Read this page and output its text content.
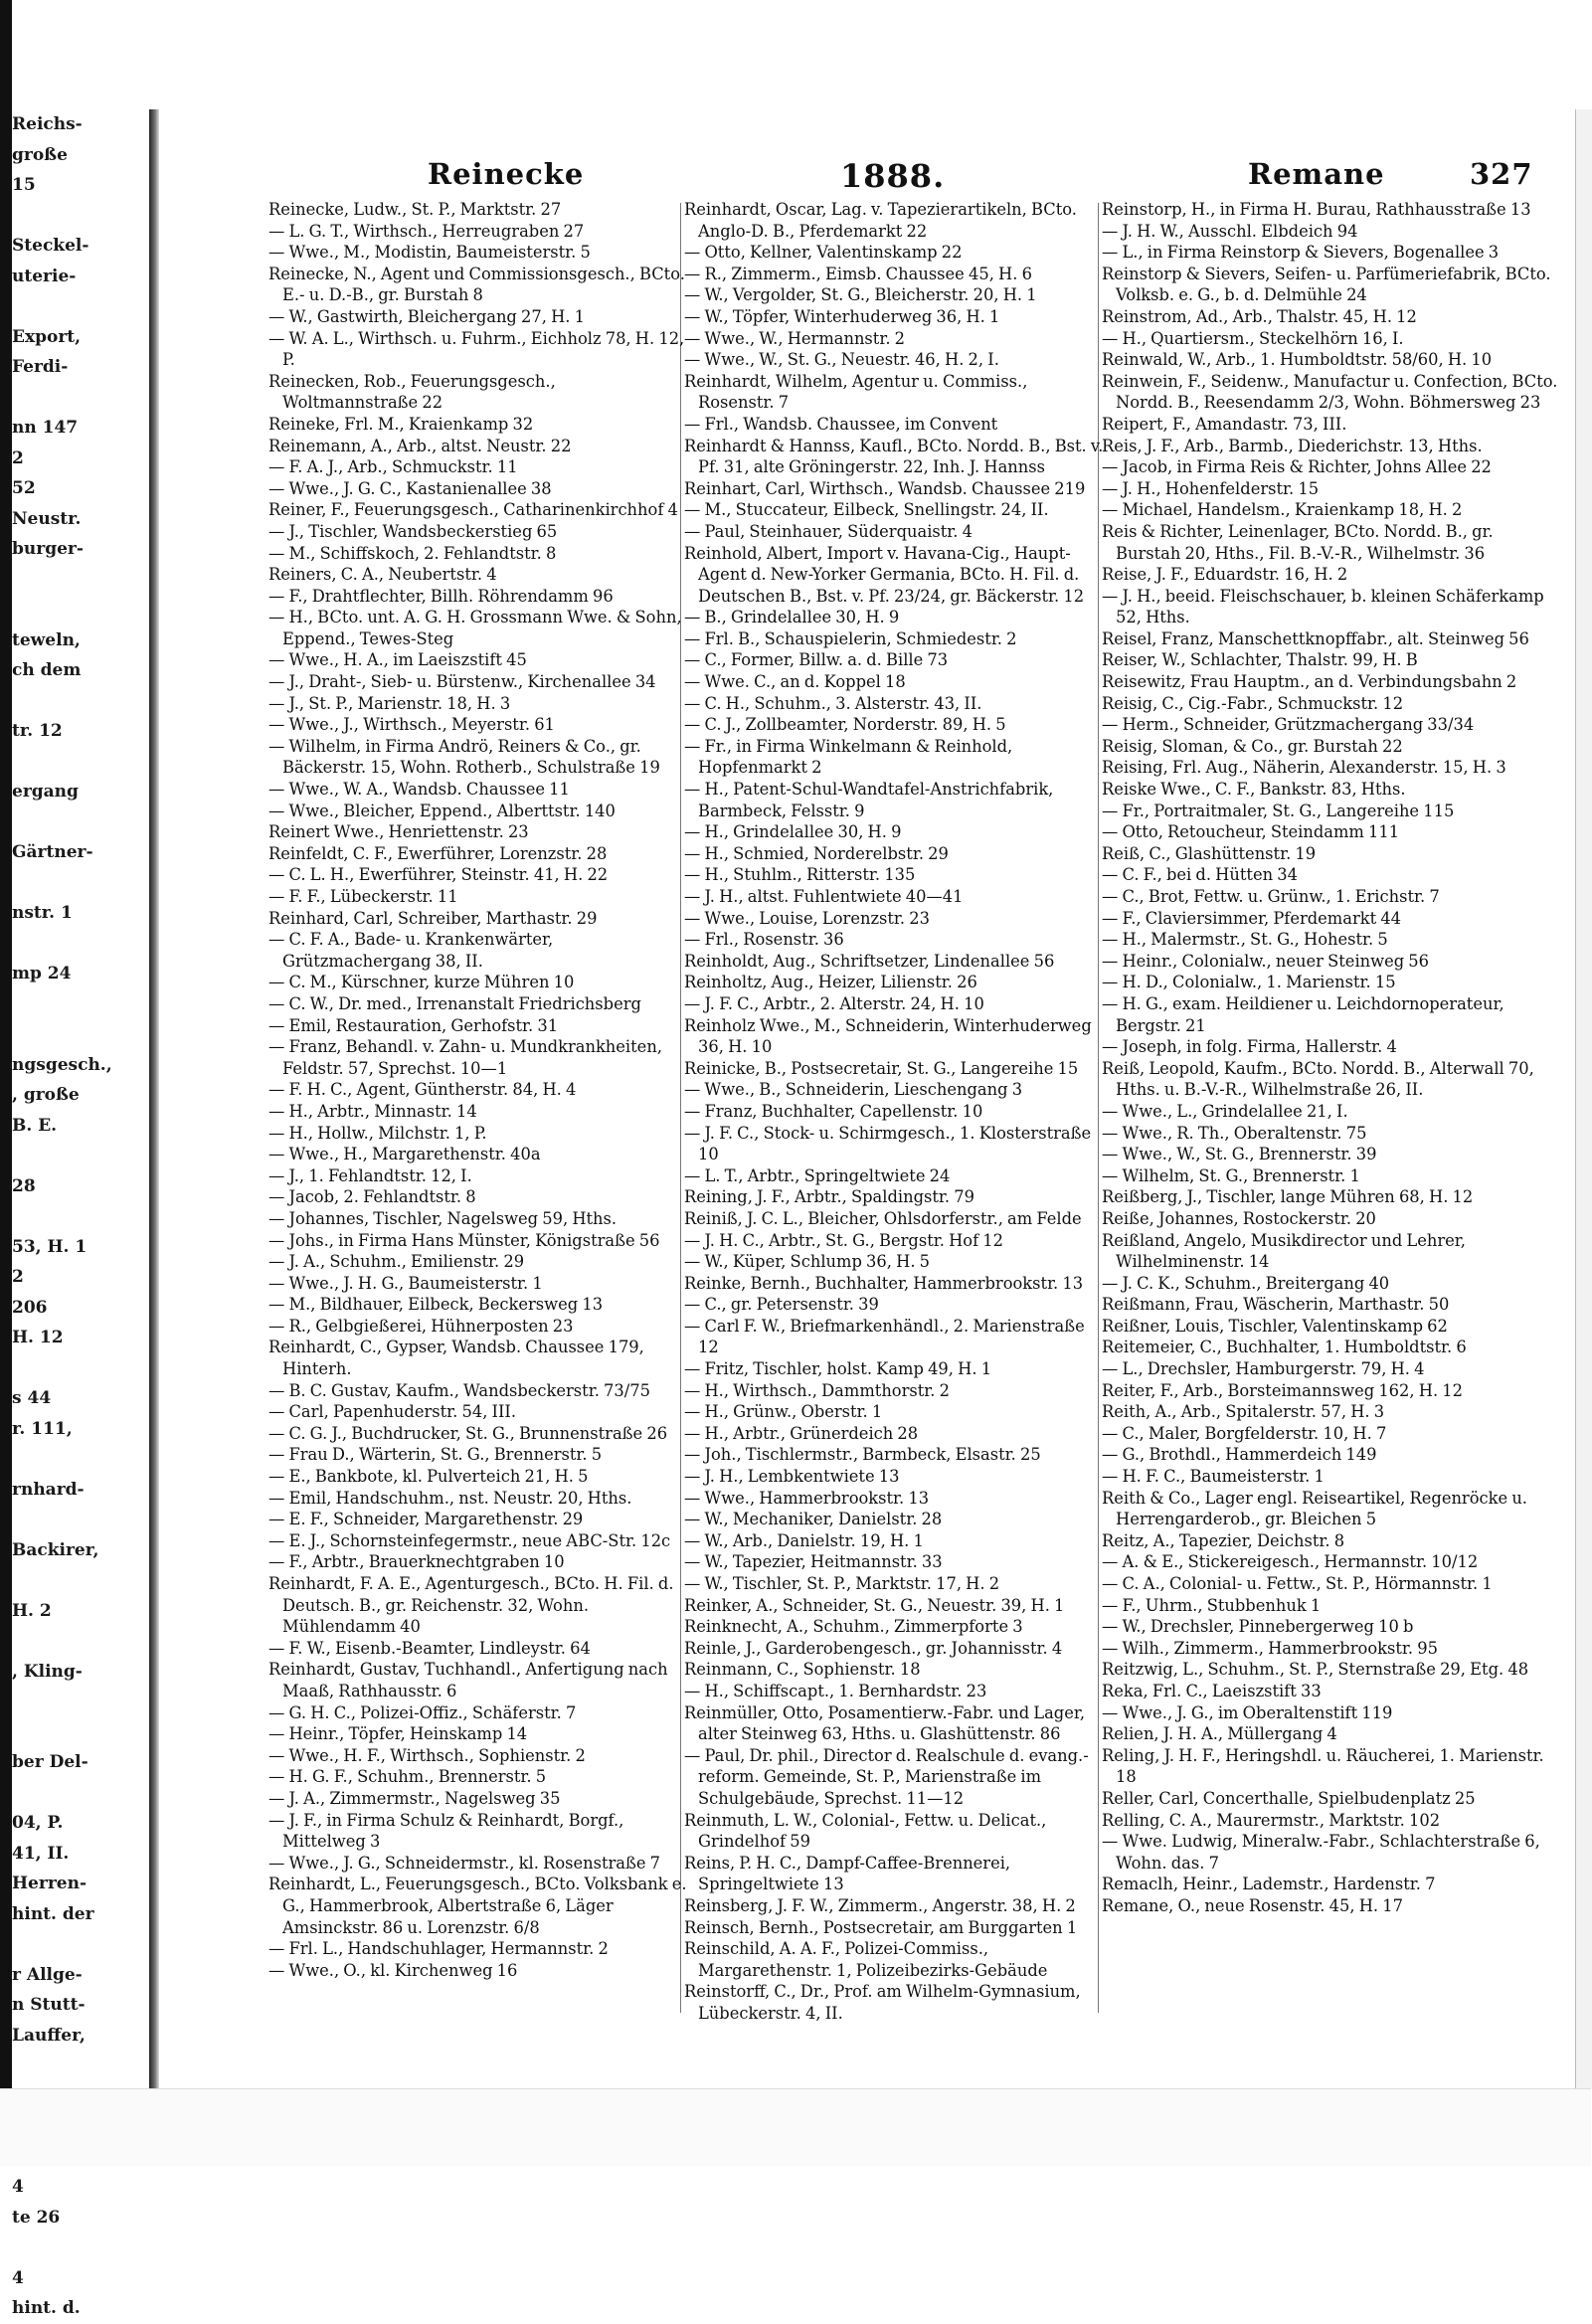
Reichs-
große
15

Steckel-
uterie-

Export,
Ferdi-

nn 147
2
52
Neustr.
burger-

teweln,
ch dem

tr. 12

ergang

Gärtner-

nstr. 1

mp 24

ngsgesch.,
, große
B. E.

28

53, H. 1
2
206
H. 12

s 44
r. 111,

rnhard-

Backirer,

H. 2

, Kling-

ber Del-

04, P.
41, II.
Herren-
hint. der

r Allge-
n Stutt-
Lauffer,

4
te 26

4
hint. d.
Reinecke	1888.	Remane	327
Reinecke, Ludw., St. P., Marktstr. 27
— L. G. T., Wirthsch., Herreugraben 27
— Wwe., M., Modistin, Baumeisterstr. 5
Reinecke, N., Agent und Commissionsgesch., BCto. E.- u. D.-B., gr. Burstah 8
— W., Gastwirth, Bleichergang 27, H. 1
— W. A. L., Wirthsch. u. Fuhrm., Eichholz 78, H. 12, P.
Reinecken, Rob., Feuerungsgesch., Woltmannstraße 22
Reineke, Frl. M., Kraienkamp 32
Reinemann, A., Arb., altst. Neustr. 22
— F. A. J., Arb., Schmuckstr. 11
— Wwe., J. G. C., Kastanienallee 38
Reiner, F., Feuerungsgesch., Catharinenkirchhof 4
— J., Tischler, Wandsbeckerstieg 65
— M., Schiffskoch, 2. Fehlandtstr. 8
Reiners, C. A., Neubertstr. 4
— F., Drahtflechter, Billh. Röhrendamm 96
— H., BCto. unt. A. G. H. Grossmann Wwe. & Sohn, Eppend., Tewes-Steg
— Wwe., H. A., im Laeiszstift 45
— J., Draht-, Sieb- u. Bürstenw., Kirchenallee 34
— J., St. P., Marienstr. 18, H. 3
— Wwe., J., Wirthsch., Meyerstr. 61
— Wilhelm, in Firma Andrö, Reiners & Co., gr. Bäckerstr. 15, Wohn. Rotherb., Schulstraße 19
— Wwe., W. A., Wandsb. Chaussee 11
— Wwe., Bleicher, Eppend., Alberttstr. 140
Reinert Wwe., Henriettenstr. 23
Reinfeldt, C. F., Ewerführer, Lorenzstr. 28
— C. L. H., Ewerführer, Steinstr. 41, H. 22
— F. F., Lübeckerstr. 11
Reinhard, Carl, Schreiber, Marthastr. 29
— C. F. A., Bade- u. Krankenwärter, Grützmachergang 38, II.
— C. M., Kürschner, kurze Mühren 10
— C. W., Dr. med., Irrenanstalt Friedrichsberg
— Emil, Restauration, Gerhofstr. 31
— Franz, Behandl. v. Zahn- u. Mundkrankheiten, Feldstr. 57, Sprechst. 10—1
— F. H. C., Agent, Güntherstr. 84, H. 4
— H., Arbtr., Minnastr. 14
— H., Hollw., Milchstr. 1, P.
— Wwe., H., Margarethenstr. 40a
— J., 1. Fehlandtstr. 12, I.
— Jacob, 2. Fehlandtstr. 8
— Johannes, Tischler, Nagelsweg 59, Hths.
— Johs., in Firma Hans Münster, Königstraße 56
— J. A., Schuhm., Emilienstr. 29
— Wwe., J. H. G., Baumeisterstr. 1
— M., Bildhauer, Eilbeck, Beckersweg 13
— R., Gelbgießerei, Hühnerposten 23
Reinhardt, C., Gypser, Wandsb. Chaussee 179, Hinterh.
— B. C. Gustav, Kaufm., Wandsbeckerstr. 73/75
— Carl, Papenhuderstr. 54, III.
— C. G. J., Buchdrucker, St. G., Brunnenstraße 26
— Frau D., Wärterin, St. G., Brennerstr. 5
— E., Bankbote, kl. Pulverteich 21, H. 5
— Emil, Handschuhm., nst. Neustr. 20, Hths.
— E. F., Schneider, Margarethenstr. 29
— E. J., Schornsteinfegermstr., neue ABC-Str. 12c
— F., Arbtr., Brauerknechtgraben 10
Reinhardt, F. A. E., Agenturgesch., BCto. H. Fil. d. Deutsch. B., gr. Reichenstr. 32, Wohn. Mühlendamm 40
— F. W., Eisenb.-Beamter, Lindleystr. 64
Reinhardt, Gustav, Tuchhandl., Anfertigung nach Maaß, Rathhausstr. 6
— G. H. C., Polizei-Offiz., Schäferstr. 7
— Heinr., Töpfer, Heinskamp 14
— Wwe., H. F., Wirthsch., Sophienstr. 2
— H. G. F., Schuhm., Brennerstr. 5
— J. A., Zimmermstr., Nagelsweg 35
— J. F., in Firma Schulz & Reinhardt, Borgf., Mittelweg 3
— Wwe., J. G., Schneidermstr., kl. Rosenstraße 7
Reinhardt, L., Feuerungsgesch., BCto. Volksbank e. G., Hammerbrook, Albertstraße 6, Läger Amsinckstr. 86 u. Lorenzstr. 6/8
— Frl. L., Handschuhlager, Hermannstr. 2
— Wwe., O., kl. Kirchenweg 16
Reinhardt, Oscar, Lag. v. Tapezierartikeln, BCto. Anglo-D. B., Pferdemarkt 22
— Otto, Kellner, Valentinskamp 22
— R., Zimmerm., Eimsb. Chaussee 45, H. 6
— W., Vergolder, St. G., Bleicherstr. 20, H. 1
— W., Töpfer, Winterhuderweg 36, H. 1
— Wwe., W., Hermannstr. 2
— Wwe., W., St. G., Neuestr. 46, H. 2, I.
Reinhardt, Wilhelm, Agentur u. Commiss., Rosenstr. 7
— Frl., Wandsb. Chaussee, im Convent
Reinhardt & Hannss, Kaufl., BCto. Nordd. B., Bst. v. Pf. 31, alte Gröningerstr. 22, Inh. J. Hannss
Reinhart, Carl, Wirthsch., Wandsb. Chaussee 219
— M., Stuccateur, Eilbeck, Snellingstr. 24, II.
— Paul, Steinhauer, Süderquaistr. 4
Reinhold, Albert, Import v. Havana-Cig., Haupt-Agent d. New-Yorker Germania, BCto. H. Fil. d. Deutschen B., Bst. v. Pf. 23/24, gr. Bäckerstr. 12
— B., Grindelallee 30, H. 9
— Frl. B., Schauspielerin, Schmiedestr. 2
— C., Former, Billw. a. d. Bille 73
— Wwe. C., an d. Koppel 18
— C. H., Schuhm., 3. Alsterstr. 43, II.
— C. J., Zollbeamter, Norderstr. 89, H. 5
— Fr., in Firma Winkelmann & Reinhold, Hopfenmarkt 2
— H., Patent-Schul-Wandtafel-Anstrichfabrik, Barmbeck, Felsstr. 9
— H., Grindelallee 30, H. 9
— H., Schmied, Norderelbstr. 29
— H., Stuhlm., Ritterstr. 135
— J. H., altst. Fuhlentwiete 40—41
— Wwe., Louise, Lorenzstr. 23
— Frl., Rosenstr. 36
Reinholdt, Aug., Schriftsetzer, Lindenallee 56
Reinholtz, Aug., Heizer, Lilienstr. 26
— J. F. C., Arbtr., 2. Alterstr. 24, H. 10
Reinholz Wwe., M., Schneiderin, Winterhuderweg 36, H. 10
Reinicke, B., Postsecretair, St. G., Langereihe 15
— Wwe., B., Schneiderin, Lieschengang 3
— Franz, Buchhalter, Capellenstr. 10
— J. F. C., Stock- u. Schirmgesch., 1. Klosterstraße 10
— L. T., Arbtr., Springeltwiete 24
Reining, J. F., Arbtr., Spaldingstr. 79
Reiniß, J. C. L., Bleicher, Ohlsdorferstr., am Felde
— J. H. C., Arbtr., St. G., Bergstr. Hof 12
— W., Küper, Schlump 36, H. 5
Reinke, Bernh., Buchhalter, Hammerbrookstr. 13
— C., gr. Petersenstr. 39
— Carl F. W., Briefmarkenhändl., 2. Marienstraße 12
— Fritz, Tischler, holst. Kamp 49, H. 1
— H., Wirthsch., Dammthorstr. 2
— H., Grünw., Oberstr. 1
— H., Arbtr., Grünerdeich 28
— Joh., Tischlermstr., Barmbeck, Elsastr. 25
— J. H., Lembkentwiete 13
— Wwe., Hammerbrookstr. 13
— W., Mechaniker, Danielstr. 28
— W., Arb., Danielstr. 19, H. 1
— W., Tapezier, Heitmannstr. 33
— W., Tischler, St. P., Marktstr. 17, H. 2
Reinker, A., Schneider, St. G., Neuestr. 39, H. 1
Reinknecht, A., Schuhm., Zimmerpforte 3
Reinle, J., Garderobengesch., gr. Johannisstr. 4
Reinmann, C., Sophienstr. 18
— H., Schiffscapt., 1. Bernhardstr. 23
Reinmüller, Otto, Posamentierw.-Fabr. und Lager, alter Steinweg 63, Hths. u. Glashüttenstr. 86
— Paul, Dr. phil., Director d. Realschule d. evang.-reform. Gemeinde, St. P., Marienstraße im Schulgebäude, Sprechst. 11—12
Reinmuth, L. W., Colonial-, Fettw. u. Delicat., Grindelhof 59
Reins, P. H. C., Dampf-Caffee-Brennerei, Springeltwiete 13
Reinsberg, J. F. W., Zimmerm., Angerstr. 38, H. 2
Reinsch, Bernh., Postsecretair, am Burggarten 1
Reinschild, A. A. F., Polizei-Commiss., Margarethenstr. 1, Polizeibezirks-Gebäude
Reinstorff, C., Dr., Prof. am Wilhelm-Gymnasium, Lübeckerstr. 4, II.
Reinstorp, H., in Firma H. Burau, Rathhausstraße 13
— J. H. W., Ausschl. Elbdeich 94
— L., in Firma Reinstorp & Sievers, Bogenallee 3
Reinstorp & Sievers, Seifen- u. Parfümeriefabrik, BCto. Volksb. e. G., b. d. Delmühle 24
Reinstrom, Ad., Arb., Thalstr. 45, H. 12
— H., Quartiersm., Steckelhörn 16, I.
Reinwald, W., Arb., 1. Humboldtstr. 58/60, H. 10
Reinwein, F., Seidenw., Manufactur u. Confection, BCto. Nordd. B., Reesendamm 2/3, Wohn. Böhmersweg 23
Reipert, F., Amandastr. 73, III.
Reis, J. F., Arb., Barmb., Diederichstr. 13, Hths.
— Jacob, in Firma Reis & Richter, Johns Allee 22
— J. H., Hohenfelderstr. 15
— Michael, Handelsm., Kraienkamp 18, H. 2
Reis & Richter, Leinenlager, BCto. Nordd. B., gr. Burstah 20, Hths., Fil. B.-V.-R., Wilhelmstr. 36
Reise, J. F., Eduardstr. 16, H. 2
— J. H., beeid. Fleischschauer, b. kleinen Schäferkamp 52, Hths.
Reisel, Franz, Manschettknopffabr., alt. Steinweg 56
Reiser, W., Schlachter, Thalstr. 99, H. B
Reisewitz, Frau Hauptm., an d. Verbindungsbahn 2
Reisig, C., Cig.-Fabr., Schmuckstr. 12
— Herm., Schneider, Grützmachergang 33/34
Reisig, Sloman, & Co., gr. Burstah 22
Reising, Frl. Aug., Näherin, Alexanderstr. 15, H. 3
Reiske Wwe., C. F., Bankstr. 83, Hths.
— Fr., Portraitmaler, St. G., Langereihe 115
— Otto, Retoucheur, Steindamm 111
Reiß, C., Glashüttenstr. 19
— C. F., bei d. Hütten 34
— C., Brot, Fettw. u. Grünw., 1. Erichstr. 7
— F., Claviersimmer, Pferdemarkt 44
— H., Malermstr., St. G., Hohestr. 5
— Heinr., Colonialw., neuer Steinweg 56
— H. D., Colonialw., 1. Marienstr. 15
— H. G., exam. Heildiener u. Leichdornoperateur, Bergstr. 21
— Joseph, in folg. Firma, Hallerstr. 4
Reiß, Leopold, Kaufm., BCto. Nordd. B., Alterwall 70, Hths. u. B.-V.-R., Wilhelmstraße 26, II.
— Wwe., L., Grindelallee 21, I.
— Wwe., R. Th., Oberaltenstr. 75
— Wwe., W., St. G., Brennerstr. 39
— Wilhelm, St. G., Brennerstr. 1
Reißberg, J., Tischler, lange Mühren 68, H. 12
Reiße, Johannes, Rostockerstr. 20
Reißland, Angelo, Musikdirector und Lehrer, Wilhelminenstr. 14
— J. C. K., Schuhm., Breitergang 40
Reißmann, Frau, Wäscherin, Marthastr. 50
Reißner, Louis, Tischler, Valentinskamp 62
Reitemeier, C., Buchhalter, 1. Humboldtstr. 6
— L., Drechsler, Hamburgerstr. 79, H. 4
Reiter, F., Arb., Borsteimannsweg 162, H. 12
Reith, A., Arb., Spitalerstr. 57, H. 3
— C., Maler, Borgfelderstr. 10, H. 7
— G., Brothdl., Hammerdeich 149
— H. F. C., Baumeisterstr. 1
Reith & Co., Lager engl. Reiseartikel, Regenröcke u. Herrengarderob., gr. Bleichen 5
Reitz, A., Tapezier, Deichstr. 8
— A. & E., Stickereigesch., Hermannstr. 10/12
— C. A., Colonial- u. Fettw., St. P., Hörmannstr. 1
— F., Uhrm., Stubbenhuk 1
— W., Drechsler, Pinnebergerweg 10 b
— Wilh., Zimmerm., Hammerbrookstr. 95
Reitzwig, L., Schuhm., St. P., Sternstraße 29, Etg. 48
Reka, Frl. C., Laeiszstift 33
— Wwe., J. G., im Oberaltenstift 119
Relien, J. H. A., Müllergang 4
Reling, J. H. F., Heringshdl. u. Räucherei, 1. Marienstr. 18
Reller, Carl, Concerthalle, Spielbudenplatz 25
Relling, C. A., Maurermstr., Marktstr. 102
— Wwe. Ludwig, Mineralw.-Fabr., Schlachterstraße 6, Wohn. das. 7
Remaclh, Heinr., Lademstr., Hardenstr. 7
Remane, O., neue Rosenstr. 45, H. 17
